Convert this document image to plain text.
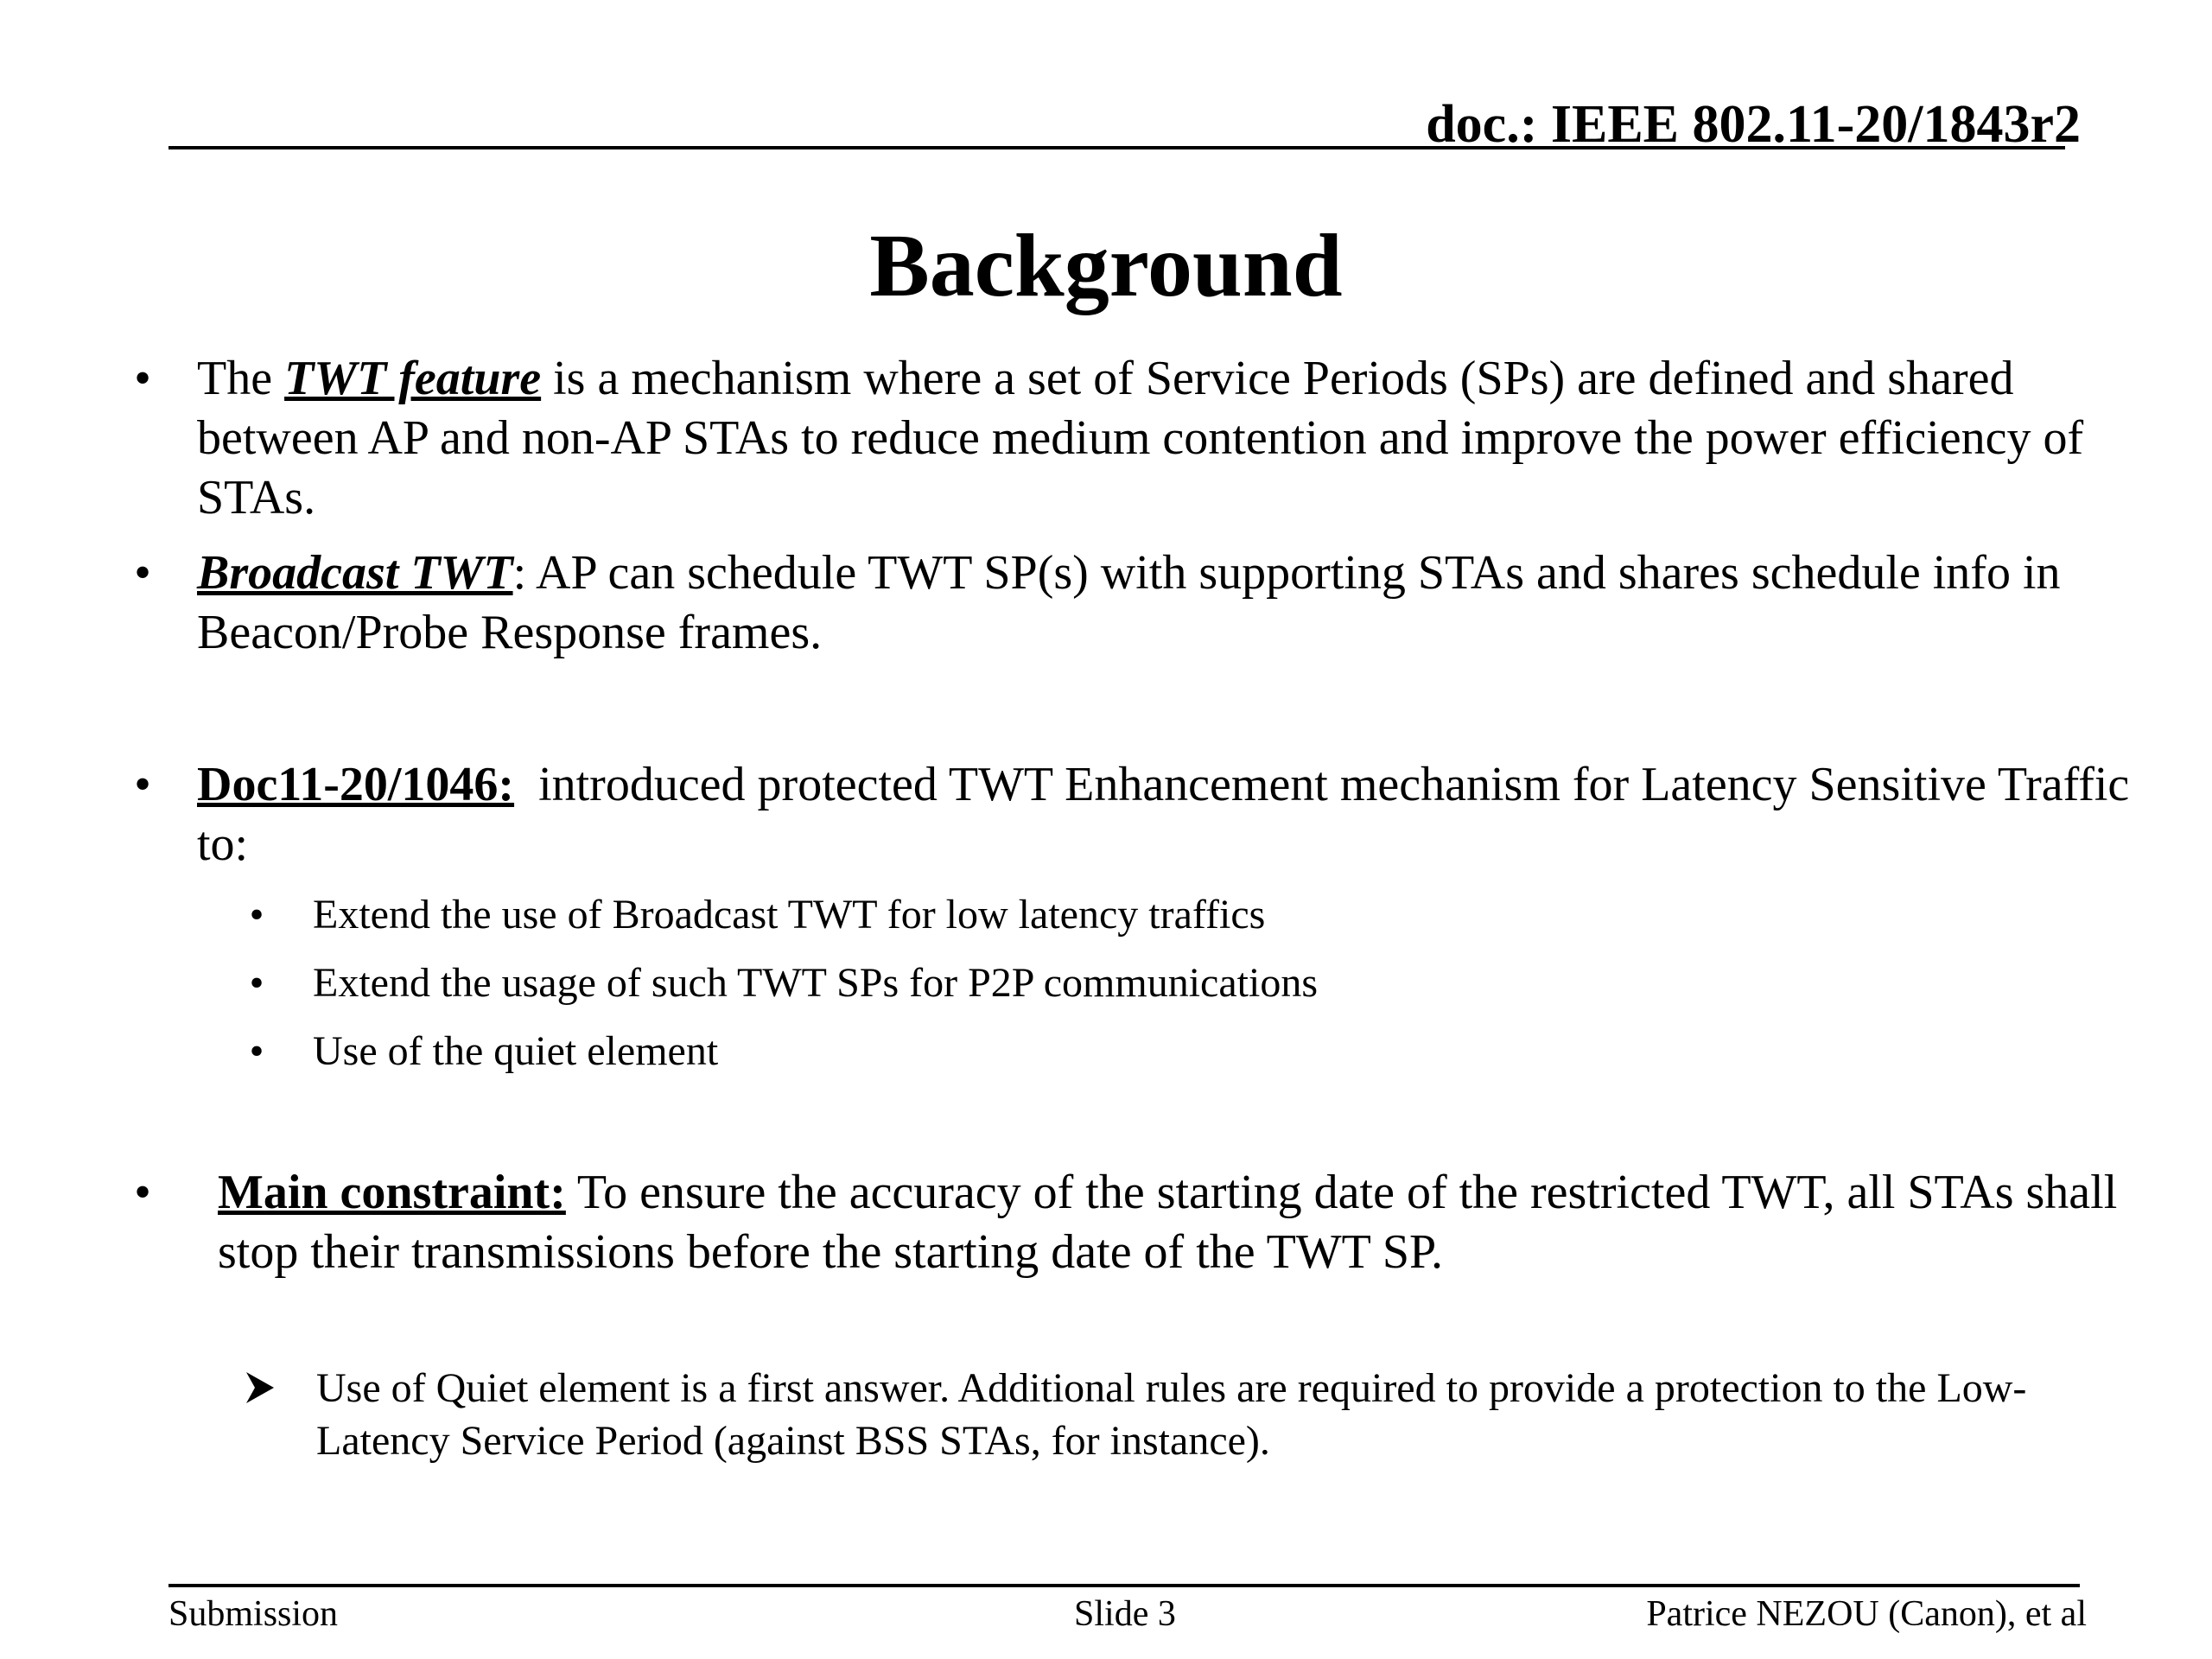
doc.: IEEE 802.11-20/1843r2
Background
• The TWT feature is a mechanism where a set of Service Periods (SPs) are defined and shared between AP and non-AP STAs to reduce medium contention and improve the power efficiency of STAs.
• Broadcast TWT: AP can schedule TWT SP(s) with supporting STAs and shares schedule info in Beacon/Probe Response frames.
• Doc11-20/1046:  introduced protected TWT Enhancement mechanism for Latency Sensitive Traffic to:
• Extend the use of Broadcast TWT for low latency traffics
• Extend the usage of such TWT SPs for P2P communications
• Use of the quiet element
• Main constraint: To ensure the accuracy of the starting date of the restricted TWT, all STAs shall stop their transmissions before the starting date of the TWT SP.
Use of Quiet element is a first answer. Additional rules are required to provide a protection to the Low-Latency Service Period (against BSS STAs, for instance).
Submission	Slide 3	Patrice NEZOU (Canon), et al
